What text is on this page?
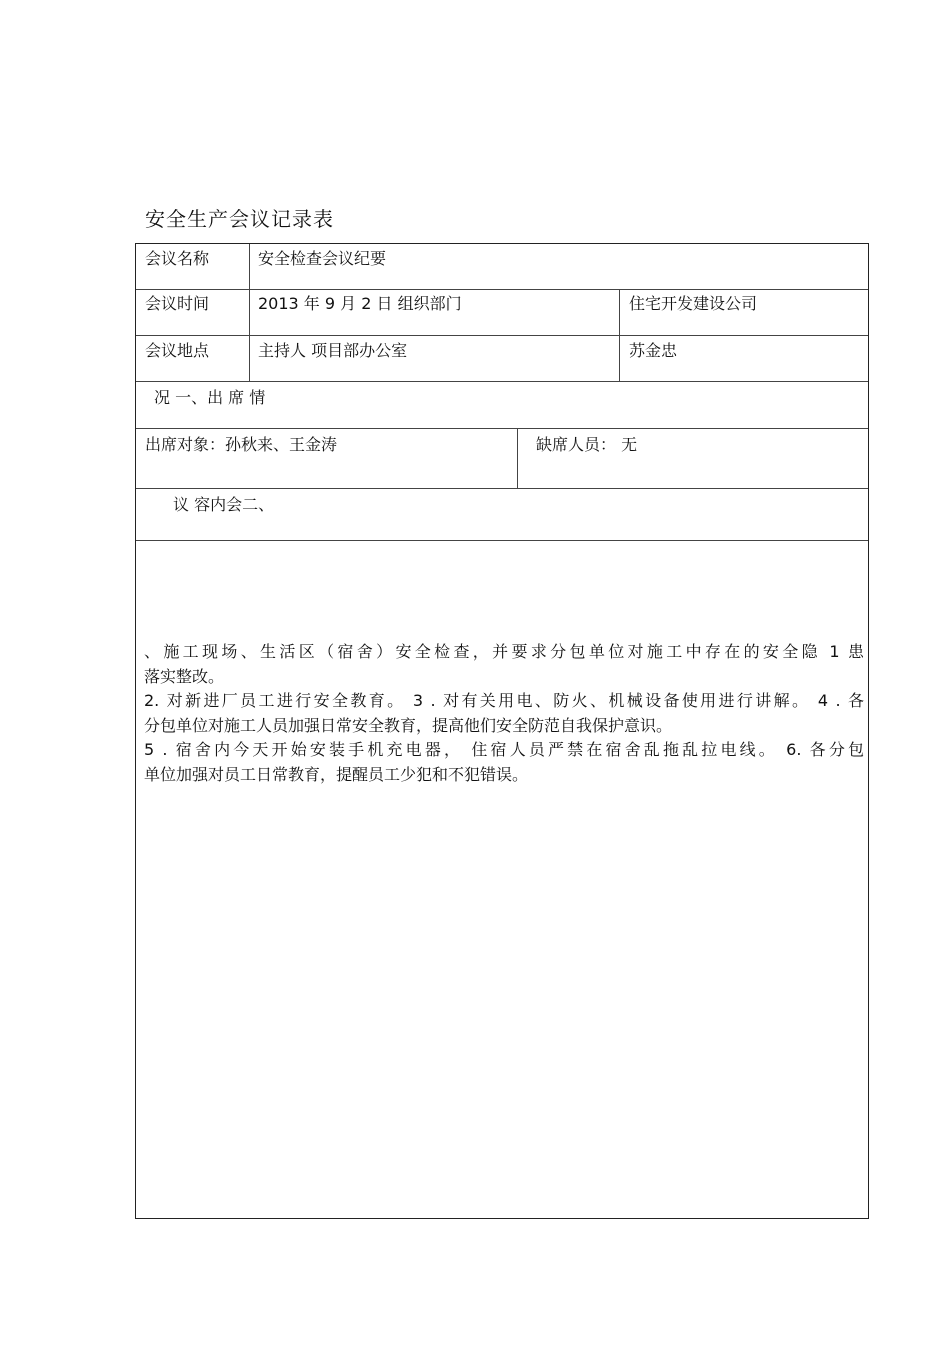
安全生产会议记录表
会议名称	安全检查会议纪要
会议时间	2013 年 9 月 2 日 组织部门	住宅开发建设公司
会议地点	主持人 项目部办公室	苏金忠
况 一、出 席 情
出席对象：孙秋来、王金涛	缺席人员： 无
议 容内会二、

、施工现场、生活区（宿舍）安全检查，并要求分包单位对施工中存在的安全隐 1 患

落实整改。

2. 对新进厂员工进行安全教育。 3 . 对有关用电、防火、机械设备使用进行讲解。 4 . 各

分包单位对施工人员加强日常安全教育，提高他们安全防范自我保护意识。

5 . 宿舍内今天开始安装手机充电器， 住宿人员严禁在宿舍乱拖乱拉电线。 6. 各分包

单位加强对员工日常教育，提醒员工少犯和不犯错误。
